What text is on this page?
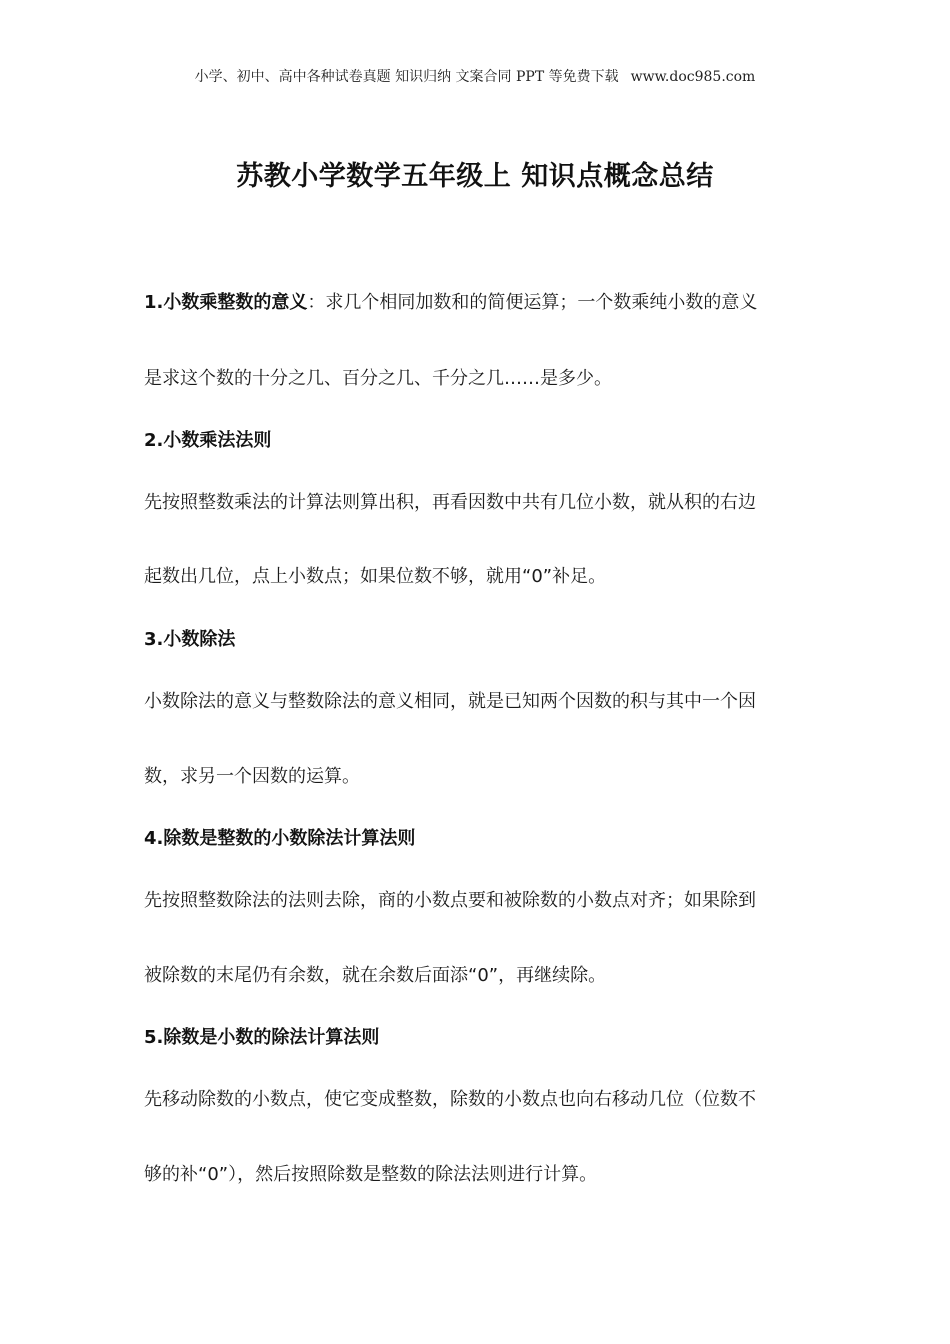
小学、初中、高中各种试卷真题 知识归纳 文案合同 PPT 等免费下载 www.doc985.com
苏教小学数学五年级上 知识点概念总结

1.小数乘整数的意义：求几个相同加数和的简便运算；一个数乘纯小数的意义

是求这个数的十分之几、百分之几、千分之几……是多少。

2.小数乘法法则

先按照整数乘法的计算法则算出积，再看因数中共有几位小数，就从积的右边

起数出几位，点上小数点；如果位数不够，就用“0”补足。

3.小数除法

小数除法的意义与整数除法的意义相同，就是已知两个因数的积与其中一个因

数，求另一个因数的运算。

4.除数是整数的小数除法计算法则

先按照整数除法的法则去除，商的小数点要和被除数的小数点对齐；如果除到

被除数的末尾仍有余数，就在余数后面添“0”，再继续除。

5.除数是小数的除法计算法则

先移动除数的小数点，使它变成整数，除数的小数点也向右移动几位（位数不

够的补“0”），然后按照除数是整数的除法法则进行计算。
